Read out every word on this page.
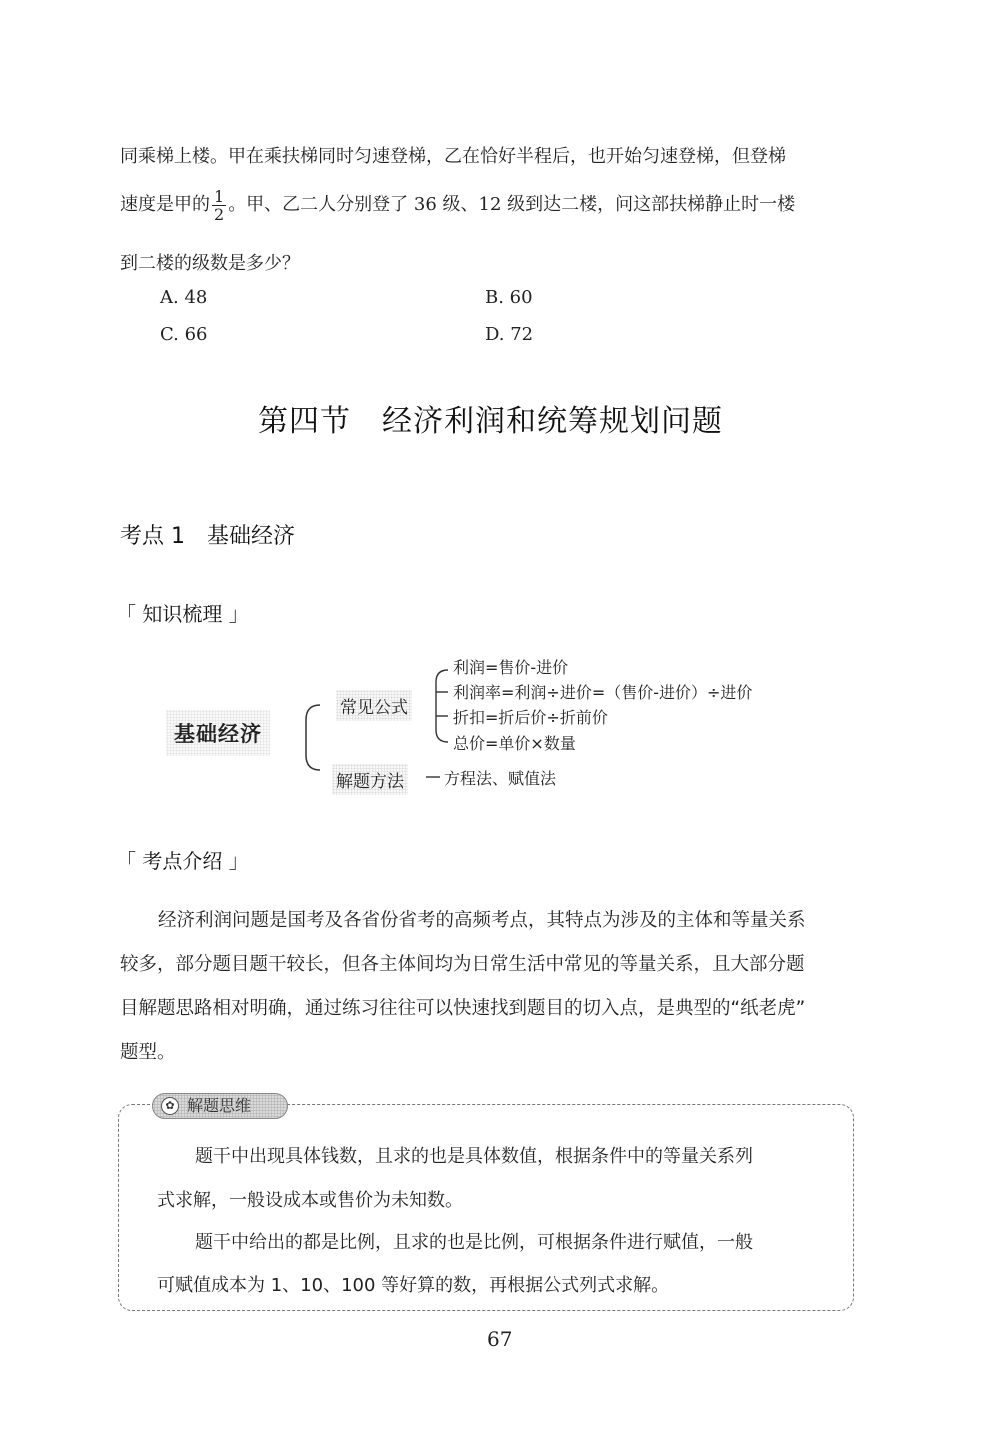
同乘梯上楼。甲在乘扶梯同时匀速登梯，乙在恰好半程后，也开始匀速登梯，但登梯
速度是甲的 $\frac{1}{2}$ 。甲、乙二人分别登了 36 级、12 级到达二楼，问这部扶梯静止时一楼
到二楼的级数是多少？
A. 48	B. 60
C. 66	D. 72
第四节　经济利润和统筹规划问题
考点 1　基础经济
「 知识梳理 」
基础经济
常见公式
解题方法
利润=售价-进价
利润率=利润÷进价=（售价-进价）÷进价
折扣=折后价÷折前价
总价=单价×数量
方程法、赋值法
「 考点介绍 」
经济利润问题是国考及各省份省考的高频考点，其特点为涉及的主体和等量关系
较多，部分题目题干较长，但各主体间均为日常生活中常见的等量关系，且大部分题
目解题思路相对明确，通过练习往往可以快速找到题目的切入点，是典型的“纸老虎”
题型。
✿ 解题思维
题干中出现具体钱数，且求的也是具体数值，根据条件中的等量关系列
式求解，一般设成本或售价为未知数。
题干中给出的都是比例，且求的也是比例，可根据条件进行赋值，一般
可赋值成本为 1、10、100 等好算的数，再根据公式列式求解。
67
